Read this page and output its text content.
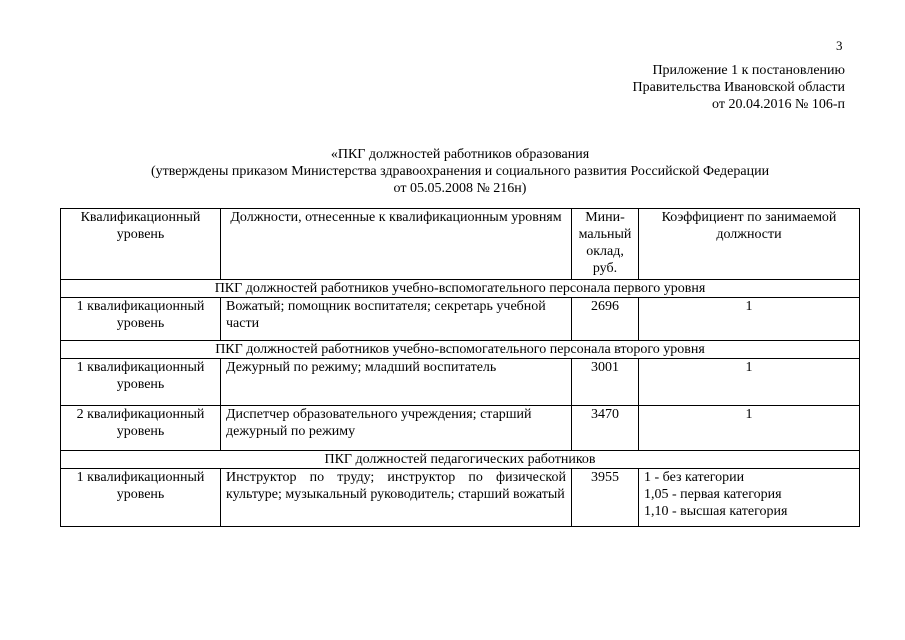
3
Приложение 1 к постановлению
Правительства Ивановской области
от 20.04.2016 № 106-п
«ПКГ должностей работников образования
(утверждены приказом Министерства здравоохранения и социального развития Российской Федерации
от 05.05.2008 № 216н)
Квалификационный уровень	Должности, отнесенные к квалификационным уровням	Мини-мальный оклад, руб.	Коэффициент по занимаемой должности
ПКГ должностей работников учебно-вспомогательного персонала первого уровня			
1 квалификационный уровень	Вожатый; помощник воспитателя; секретарь учебной части	2696	1
ПКГ должностей работников учебно-вспомогательного персонала второго уровня			
1 квалификационный уровень	Дежурный по режиму; младший воспитатель	3001	1
2 квалификационный уровень	Диспетчер образовательного учреждения; старший дежурный по режиму	3470	1
ПКГ должностей педагогических работников			
1 квалификационный уровень	Инструктор по труду; инструктор по физической культуре; музыкальный руководитель; старший вожатый	3955	1 - без категории
1,05 - первая категория
1,10 - высшая категория
